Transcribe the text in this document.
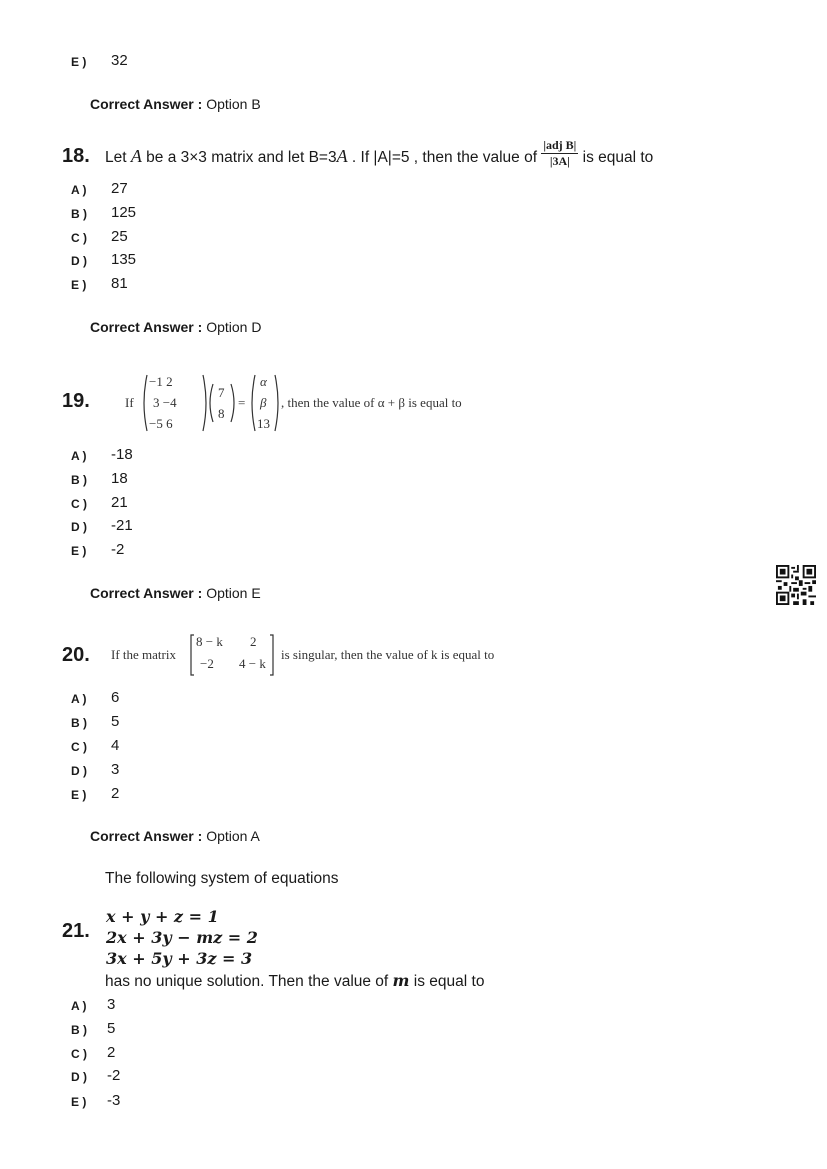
E ) 32
Correct Answer : Option B
18. Let A be a 3×3 matrix and let B=3A . If |A|=5 , then the value of $\frac{\text{|adj B|}}{|3A|}$ is equal to
A ) 27
B ) 125
C ) 25
D ) 135
E ) 81
Correct Answer : Option D
19.	If
−1 2
3 −4
−5 6
7
8
=
α
β
13
, then the value of α + β is equal to
A ) -18
B ) 18
C ) 21
D ) -21
E ) -2
Correct Answer : Option E
20. If the matrix
8 − k 2
−2 4 − k
is singular, then the value of k is equal to
A ) 6
B ) 5
C ) 4
D ) 3
E ) 2
Correct Answer : Option A
The following system of equations
21.
x + y + z = 1
2x + 3y − mz = 2
3x + 5y + 3z = 3
has no unique solution. Then the value of m is equal to
A ) 3
B ) 5
C ) 2
D ) -2
E ) -3
